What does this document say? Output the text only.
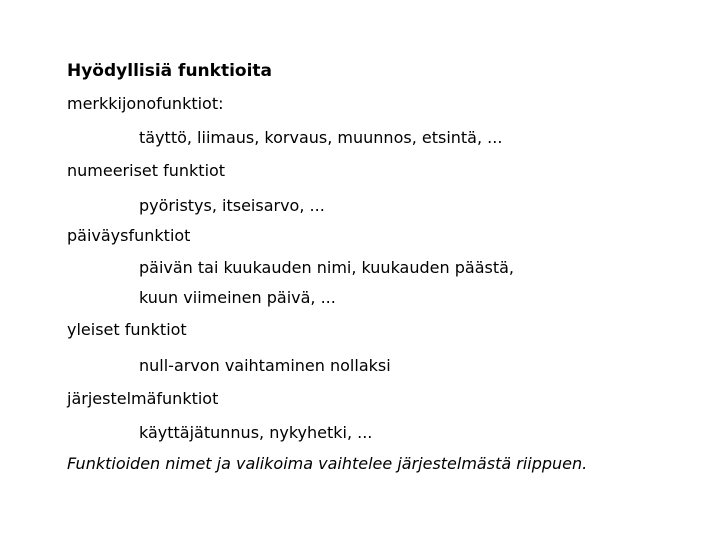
Hyödyllisiä funktioita
merkkijonofunktiot:
täyttö, liimaus, korvaus, muunnos, etsintä, ...
numeeriset funktiot
pyöristys, itseisarvo, ...
päiväysfunktiot
päivän tai kuukauden nimi, kuukauden päästä,
kuun viimeinen päivä, ...
yleiset funktiot
null-arvon vaihtaminen nollaksi
järjestelmäfunktiot
käyttäjätunnus, nykyhetki, ...
Funktioiden nimet ja valikoima vaihtelee järjestelmästä riippuen.
